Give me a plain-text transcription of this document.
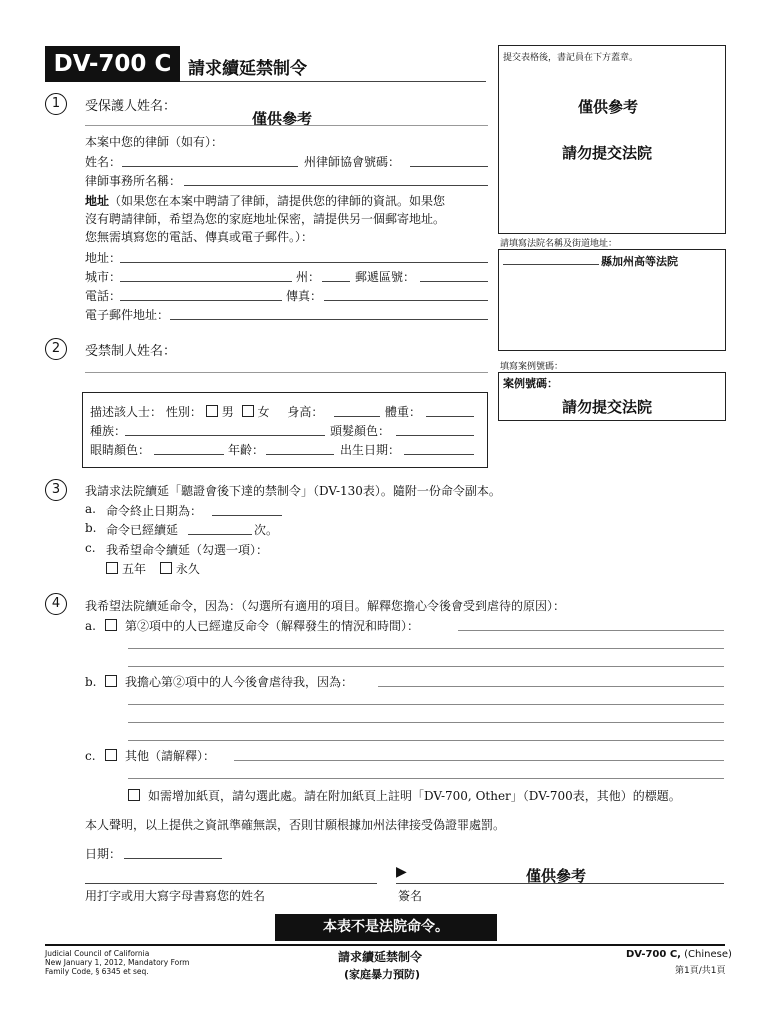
DV-700 C 請求續延禁制令
提交表格後，書記員在下方蓋章。
僅供參考
請勿提交法院
請填寫法院名稱及街道地址：
縣加州高等法院
填寫案例號碼：
案例號碼：
請勿提交法院
1	受保護人姓名：
僅供參考
本案中您的律師（如有）：
姓名：	州律師協會號碼：
律師事務所名稱：
地址（如果您在本案中聘請了律師，請提供您的律師的資訊。如果您
沒有聘請律師，希望為您的家庭地址保密，請提供另一個郵寄地址。
您無需填寫您的電話、傳真或電子郵件。）：
地址：
城市：	州：	郵遞區號：
電話：	傳真：
電子郵件地址：
2	受禁制人姓名：
描述該人士： 性別： 男 女 身高：	體重：
種族：	頭髮顏色：
眼睛顏色：	年齡：	出生日期：
3	我請求法院續延「聽證會後下達的禁制令」（DV-130表）。隨附一份命令副本。
a. 命令終止日期為：
b. 命令已經續延	次。
c. 我希望命令續延（勾選一項）：
五年 永久
4	我希望法院續延命令，因為：（勾選所有適用的項目。解釋您擔心令後會受到虐待的原因）：
a. 第②項中的人已經違反命令（解釋發生的情況和時間）：
b. 我擔心第②項中的人今後會虐待我，因為：
c. 其他（請解釋）：
如需增加紙頁，請勾選此處。請在附加紙頁上註明「DV-700, Other」（DV-700表，其他）的標題。
本人聲明，以上提供之資訊準確無誤，否則甘願根據加州法律接受偽證罪處罰。
日期：
▶	僅供參考
用打字或用大寫字母書寫您的姓名	簽名
本表不是法院命令。
Judicial Council of California
New January 1, 2012, Mandatory Form
Family Code, § 6345 et seq.
請求續延禁制令
(家庭暴力預防)
DV-700 C, (Chinese)
第1頁/共1頁
